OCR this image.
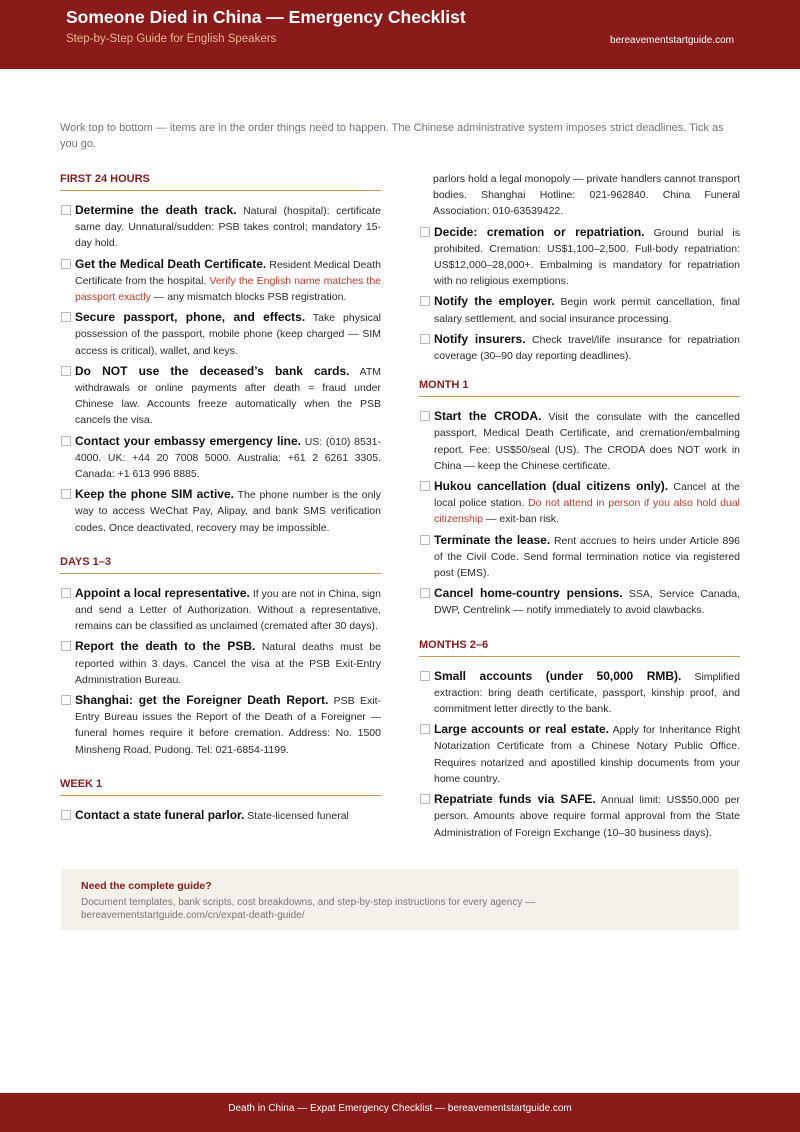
Someone Died in China — Emergency Checklist
Step-by-Step Guide for English Speakers	bereavementstartguide.com
Work top to bottom — items are in the order things need to happen. The Chinese administrative system imposes strict deadlines. Tick as you go.
FIRST 24 HOURS

Determine the death track. Natural (hospital): certificate same day. Unnatural/sudden: PSB takes control; mandatory 15-day hold.

Get the Medical Death Certificate. Resident Medical Death Certificate from the hospital. Verify the English name matches the passport exactly — any mismatch blocks PSB registration.

Secure passport, phone, and effects. Take physical possession of the passport, mobile phone (keep charged — SIM access is critical), wallet, and keys.

Do NOT use the deceased’s bank cards. ATM withdrawals or online payments after death = fraud under Chinese law. Accounts freeze automatically when the PSB cancels the visa.

Contact your embassy emergency line. US: (010) 8531-4000. UK: +44 20 7008 5000. Australia: +61 2 6261 3305. Canada: +1 613 996 8885.

Keep the phone SIM active. The phone number is the only way to access WeChat Pay, Alipay, and bank SMS verification codes. Once deactivated, recovery may be impossible.

DAYS 1–3

Appoint a local representative. If you are not in China, sign and send a Letter of Authorization. Without a representative, remains can be classified as unclaimed (cremated after 30 days).

Report the death to the PSB. Natural deaths must be reported within 3 days. Cancel the visa at the PSB Exit-Entry Administration Bureau.

Shanghai: get the Foreigner Death Report. PSB Exit-Entry Bureau issues the Report of the Death of a Foreigner — funeral homes require it before cremation. Address: No. 1500 Minsheng Road, Pudong. Tel: 021-6854-1199.

WEEK 1

Contact a state funeral parlor. State-licensed funeral

parlors hold a legal monopoly — private handlers cannot transport bodies. Shanghai Hotline: 021-962840. China Funeral Association: 010-63539422.

Decide: cremation or repatriation. Ground burial is prohibited. Cremation: US$1,100–2,500. Full-body repatriation: US$12,000–28,000+. Embalming is mandatory for repatriation with no religious exemptions.

Notify the employer. Begin work permit cancellation, final salary settlement, and social insurance processing.

Notify insurers. Check travel/life insurance for repatriation coverage (30–90 day reporting deadlines).

MONTH 1

Start the CRODA. Visit the consulate with the cancelled passport, Medical Death Certificate, and cremation/embalming report. Fee: US$50/seal (US). The CRODA does NOT work in China — keep the Chinese certificate.

Hukou cancellation (dual citizens only). Cancel at the local police station. Do not attend in person if you also hold dual citizenship — exit-ban risk.

Terminate the lease. Rent accrues to heirs under Article 896 of the Civil Code. Send formal termination notice via registered post (EMS).

Cancel home-country pensions. SSA, Service Canada, DWP, Centrelink — notify immediately to avoid clawbacks.

MONTHS 2–6

Small accounts (under 50,000 RMB). Simplified extraction: bring death certificate, passport, kinship proof, and commitment letter directly to the bank.

Large accounts or real estate. Apply for Inheritance Right Notarization Certificate from a Chinese Notary Public Office. Requires notarized and apostilled kinship documents from your home country.

Repatriate funds via SAFE. Annual limit: US$50,000 per person. Amounts above require formal approval from the State Administration of Foreign Exchange (10–30 business days).

Need the complete guide?
Document templates, bank scripts, cost breakdowns, and step-by-step instructions for every agency — bereavementstartguide.com/cn/expat-death-guide/
Death in China — Expat Emergency Checklist — bereavementstartguide.com
